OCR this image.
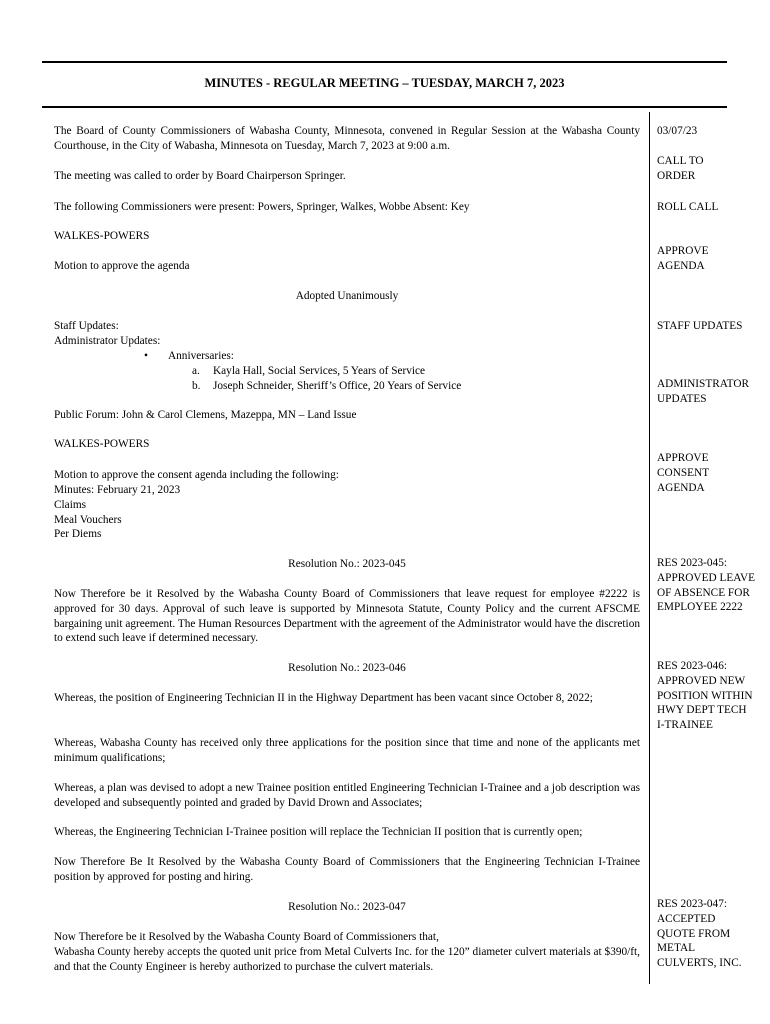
MINUTES - REGULAR MEETING – TUESDAY, MARCH 7, 2023
The Board of County Commissioners of Wabasha County, Minnesota, convened in Regular Session at the Wabasha County Courthouse, in the City of Wabasha, Minnesota on Tuesday, March 7, 2023 at 9:00 a.m.
The meeting was called to order by Board Chairperson Springer.
The following Commissioners were present: Powers, Springer, Walkes, Wobbe Absent: Key
WALKES-POWERS
Motion to approve the agenda
Adopted Unanimously
Staff Updates:
Administrator Updates:
• Anniversaries:
a. Kayla Hall, Social Services, 5 Years of Service
b. Joseph Schneider, Sheriff’s Office, 20 Years of Service
Public Forum: John & Carol Clemens, Mazeppa, MN – Land Issue
WALKES-POWERS
Motion to approve the consent agenda including the following:
Minutes: February 21, 2023
Claims
Meal Vouchers
Per Diems
Resolution No.: 2023-045
Now Therefore be it Resolved by the Wabasha County Board of Commissioners that leave request for employee #2222 is approved for 30 days. Approval of such leave is supported by Minnesota Statute, County Policy and the current AFSCME bargaining unit agreement. The Human Resources Department with the agreement of the Administrator would have the discretion to extend such leave if determined necessary.
Resolution No.: 2023-046
Whereas, the position of Engineering Technician II in the Highway Department has been vacant since October 8, 2022;
Whereas, Wabasha County has received only three applications for the position since that time and none of the applicants met minimum qualifications;
Whereas, a plan was devised to adopt a new Trainee position entitled Engineering Technician I-Trainee and a job description was developed and subsequently pointed and graded by David Drown and Associates;
Whereas, the Engineering Technician I-Trainee position will replace the Technician II position that is currently open;
Now Therefore Be It Resolved by the Wabasha County Board of Commissioners that the Engineering Technician I-Trainee position by approved for posting and hiring.
Resolution No.: 2023-047
Now Therefore be it Resolved by the Wabasha County Board of Commissioners that,
Wabasha County hereby accepts the quoted unit price from Metal Culverts Inc. for the 120” diameter culvert materials at $390/ft, and that the County Engineer is hereby authorized to purchase the culvert materials.
03/07/23
CALL TO ORDER
ROLL CALL
APPROVE AGENDA
STAFF UPDATES
ADMINISTRATOR UPDATES
APPROVE CONSENT AGENDA
RES 2023-045: APPROVED LEAVE OF ABSENCE FOR EMPLOYEE 2222
RES 2023-046: APPROVED NEW POSITION WITHIN HWY DEPT TECH I-TRAINEE
RES 2023-047: ACCEPTED QUOTE FROM METAL CULVERTS, INC.
